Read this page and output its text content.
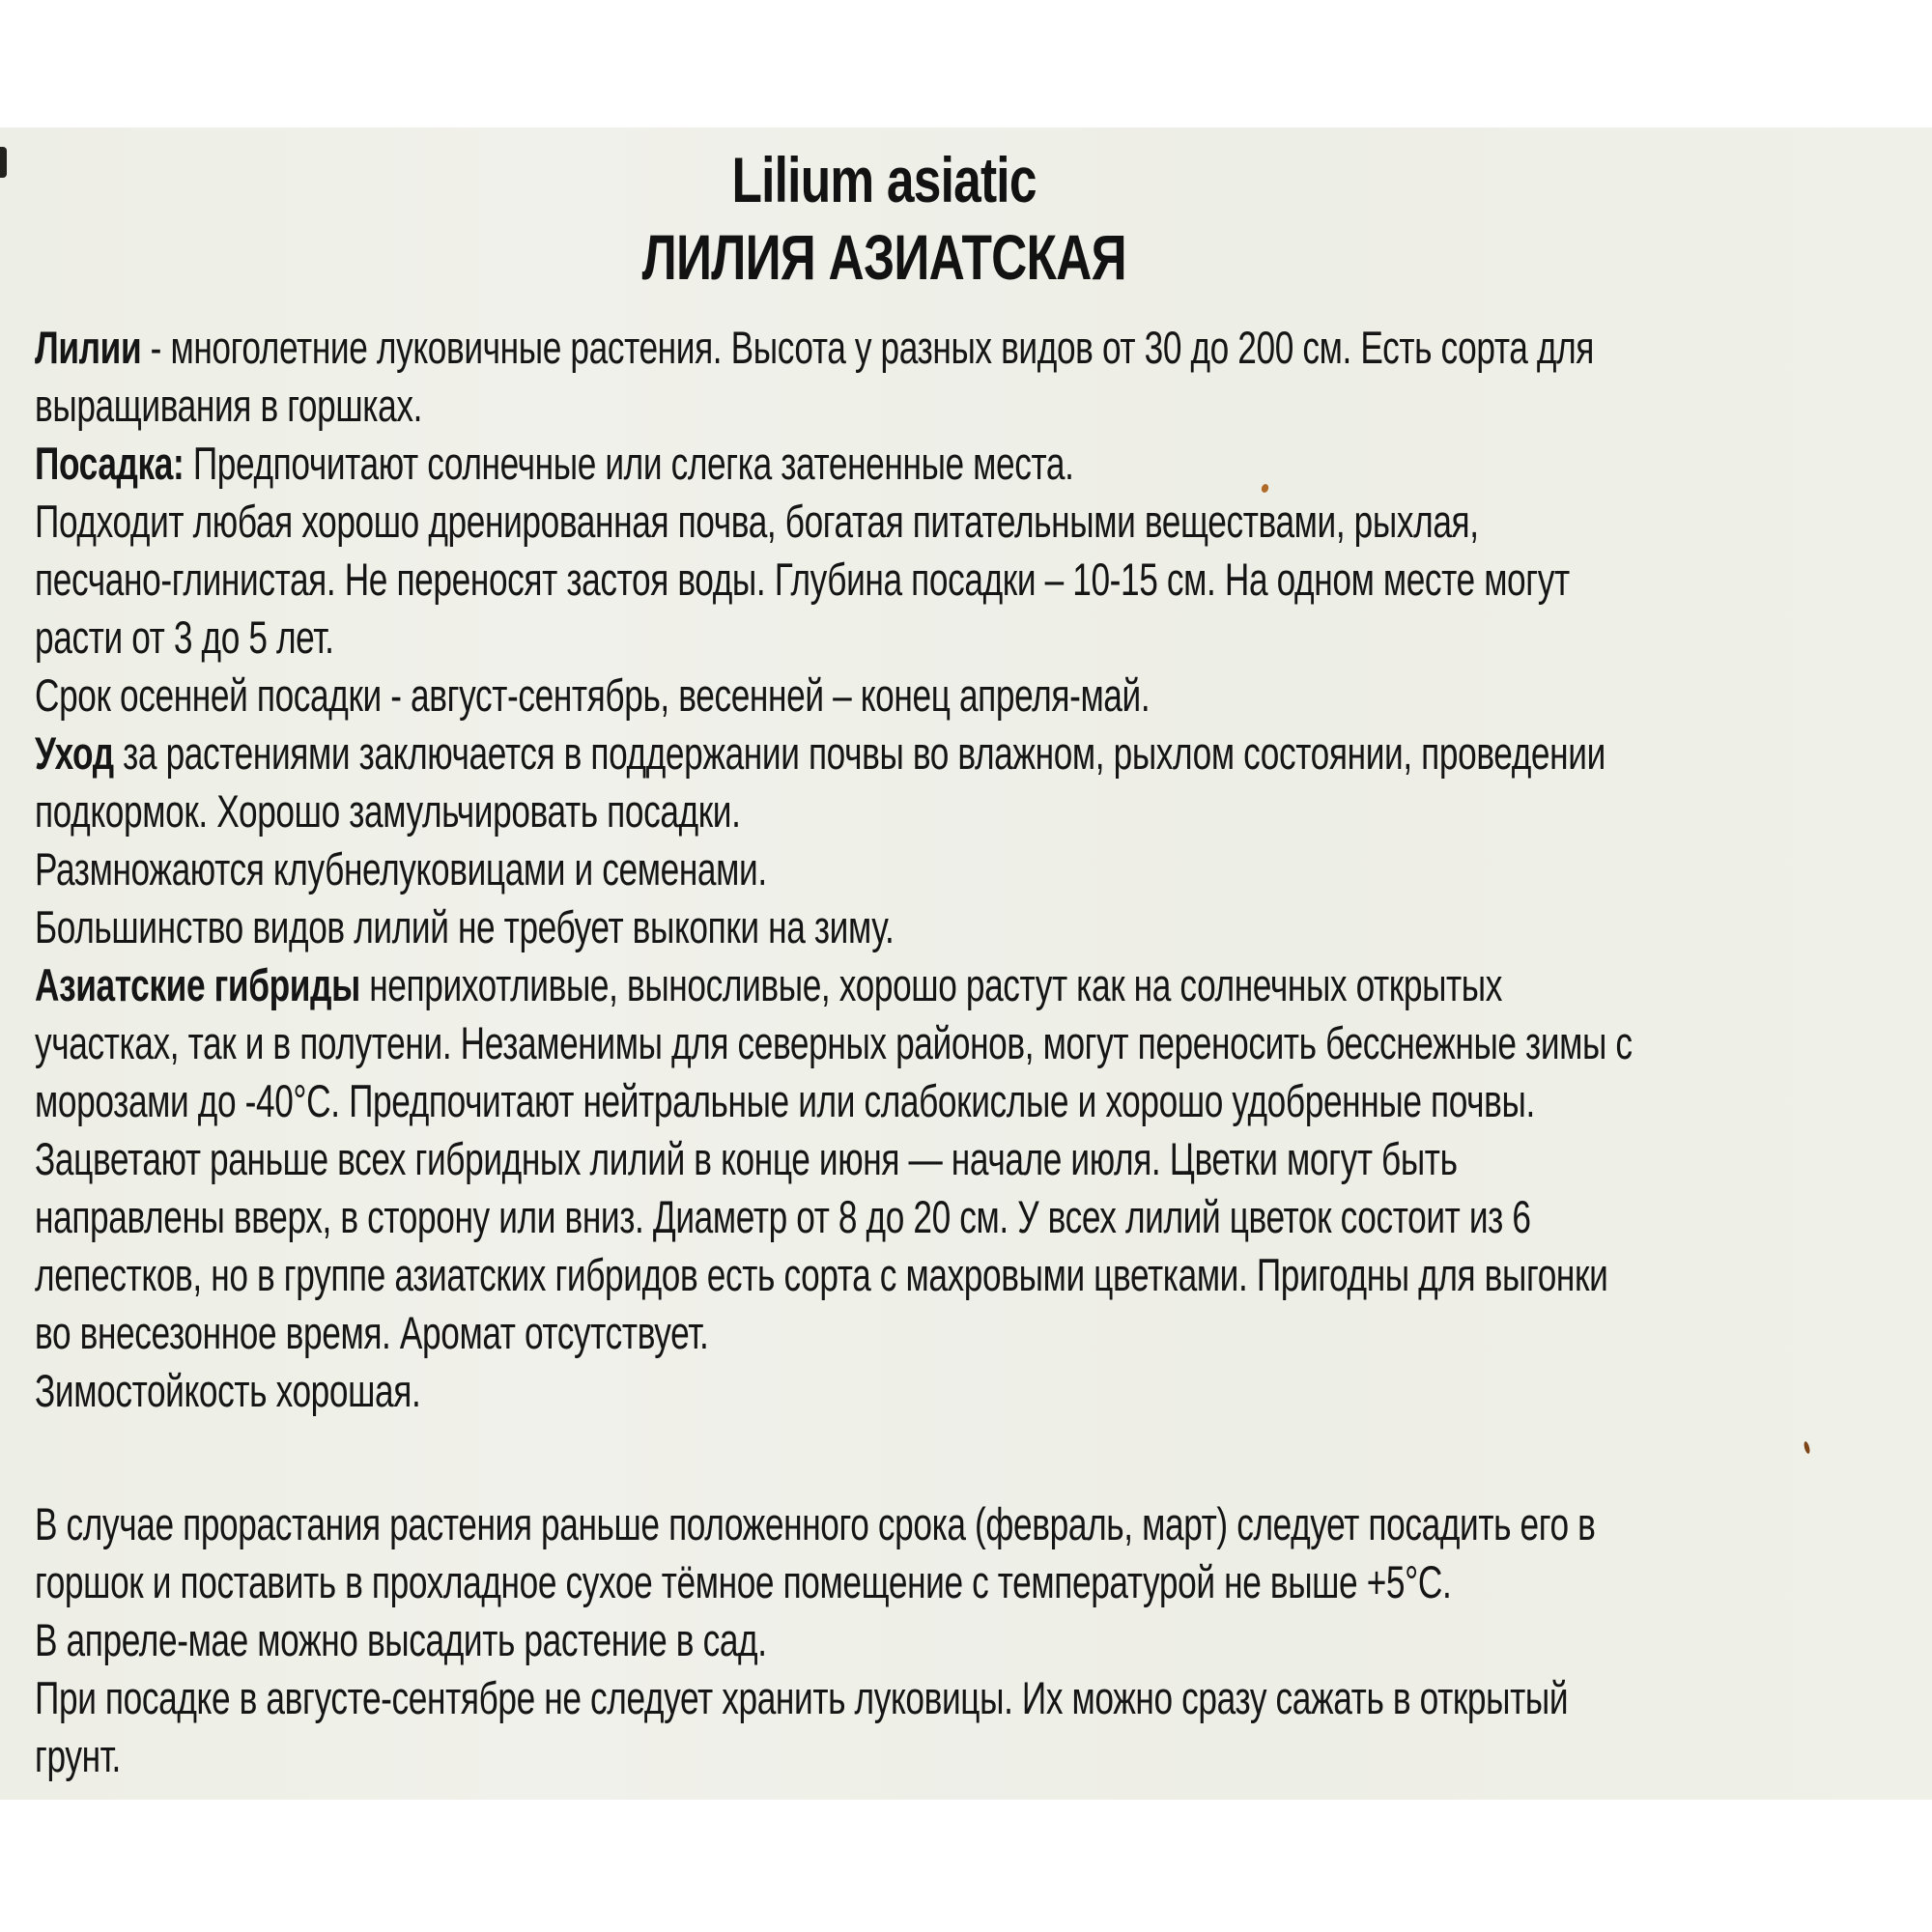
Lilium asiatic
ЛИЛИЯ АЗИАТСКАЯ
Лилии - многолетние луковичные растения. Высота у разных видов от 30 до 200 см. Есть сорта для
выращивания в горшках.
Посадка: Предпочитают солнечные или слегка затененные места.
Подходит любая хорошо дренированная почва, богатая питательными веществами, рыхлая,
песчано-глинистая. Не переносят застоя воды. Глубина посадки – 10-15 см. На одном месте могут
расти от 3 до 5 лет.
Срок осенней посадки - август-сентябрь, весенней – конец апреля-май.
Уход за растениями заключается в поддержании почвы во влажном, рыхлом состоянии, проведении
подкормок. Хорошо замульчировать посадки.
Размножаются клубнелуковицами и семенами.
Большинство видов лилий не требует выкопки на зиму.
Азиатские гибриды неприхотливые, выносливые, хорошо растут как на солнечных открытых
участках, так и в полутени. Незаменимы для северных районов, могут переносить бесснежные зимы с
морозами до -40°С. Предпочитают нейтральные или слабокислые и хорошо удобренные почвы.
Зацветают раньше всех гибридных лилий в конце июня — начале июля. Цветки могут быть
направлены вверх, в сторону или вниз. Диаметр от 8 до 20 см. У всех лилий цветок состоит из 6
лепестков, но в группе азиатских гибридов есть сорта с махровыми цветками. Пригодны для выгонки
во внесезонное время. Аромат отсутствует.
Зимостойкость хорошая.
В случае прорастания растения раньше положенного срока (февраль, март) следует посадить его в
горшок и поставить в прохладное сухое тёмное помещение с температурой не выше +5°С.
В апреле-мае можно высадить растение в сад.
При посадке в августе-сентябре не следует хранить луковицы. Их можно сразу сажать в открытый
грунт.
